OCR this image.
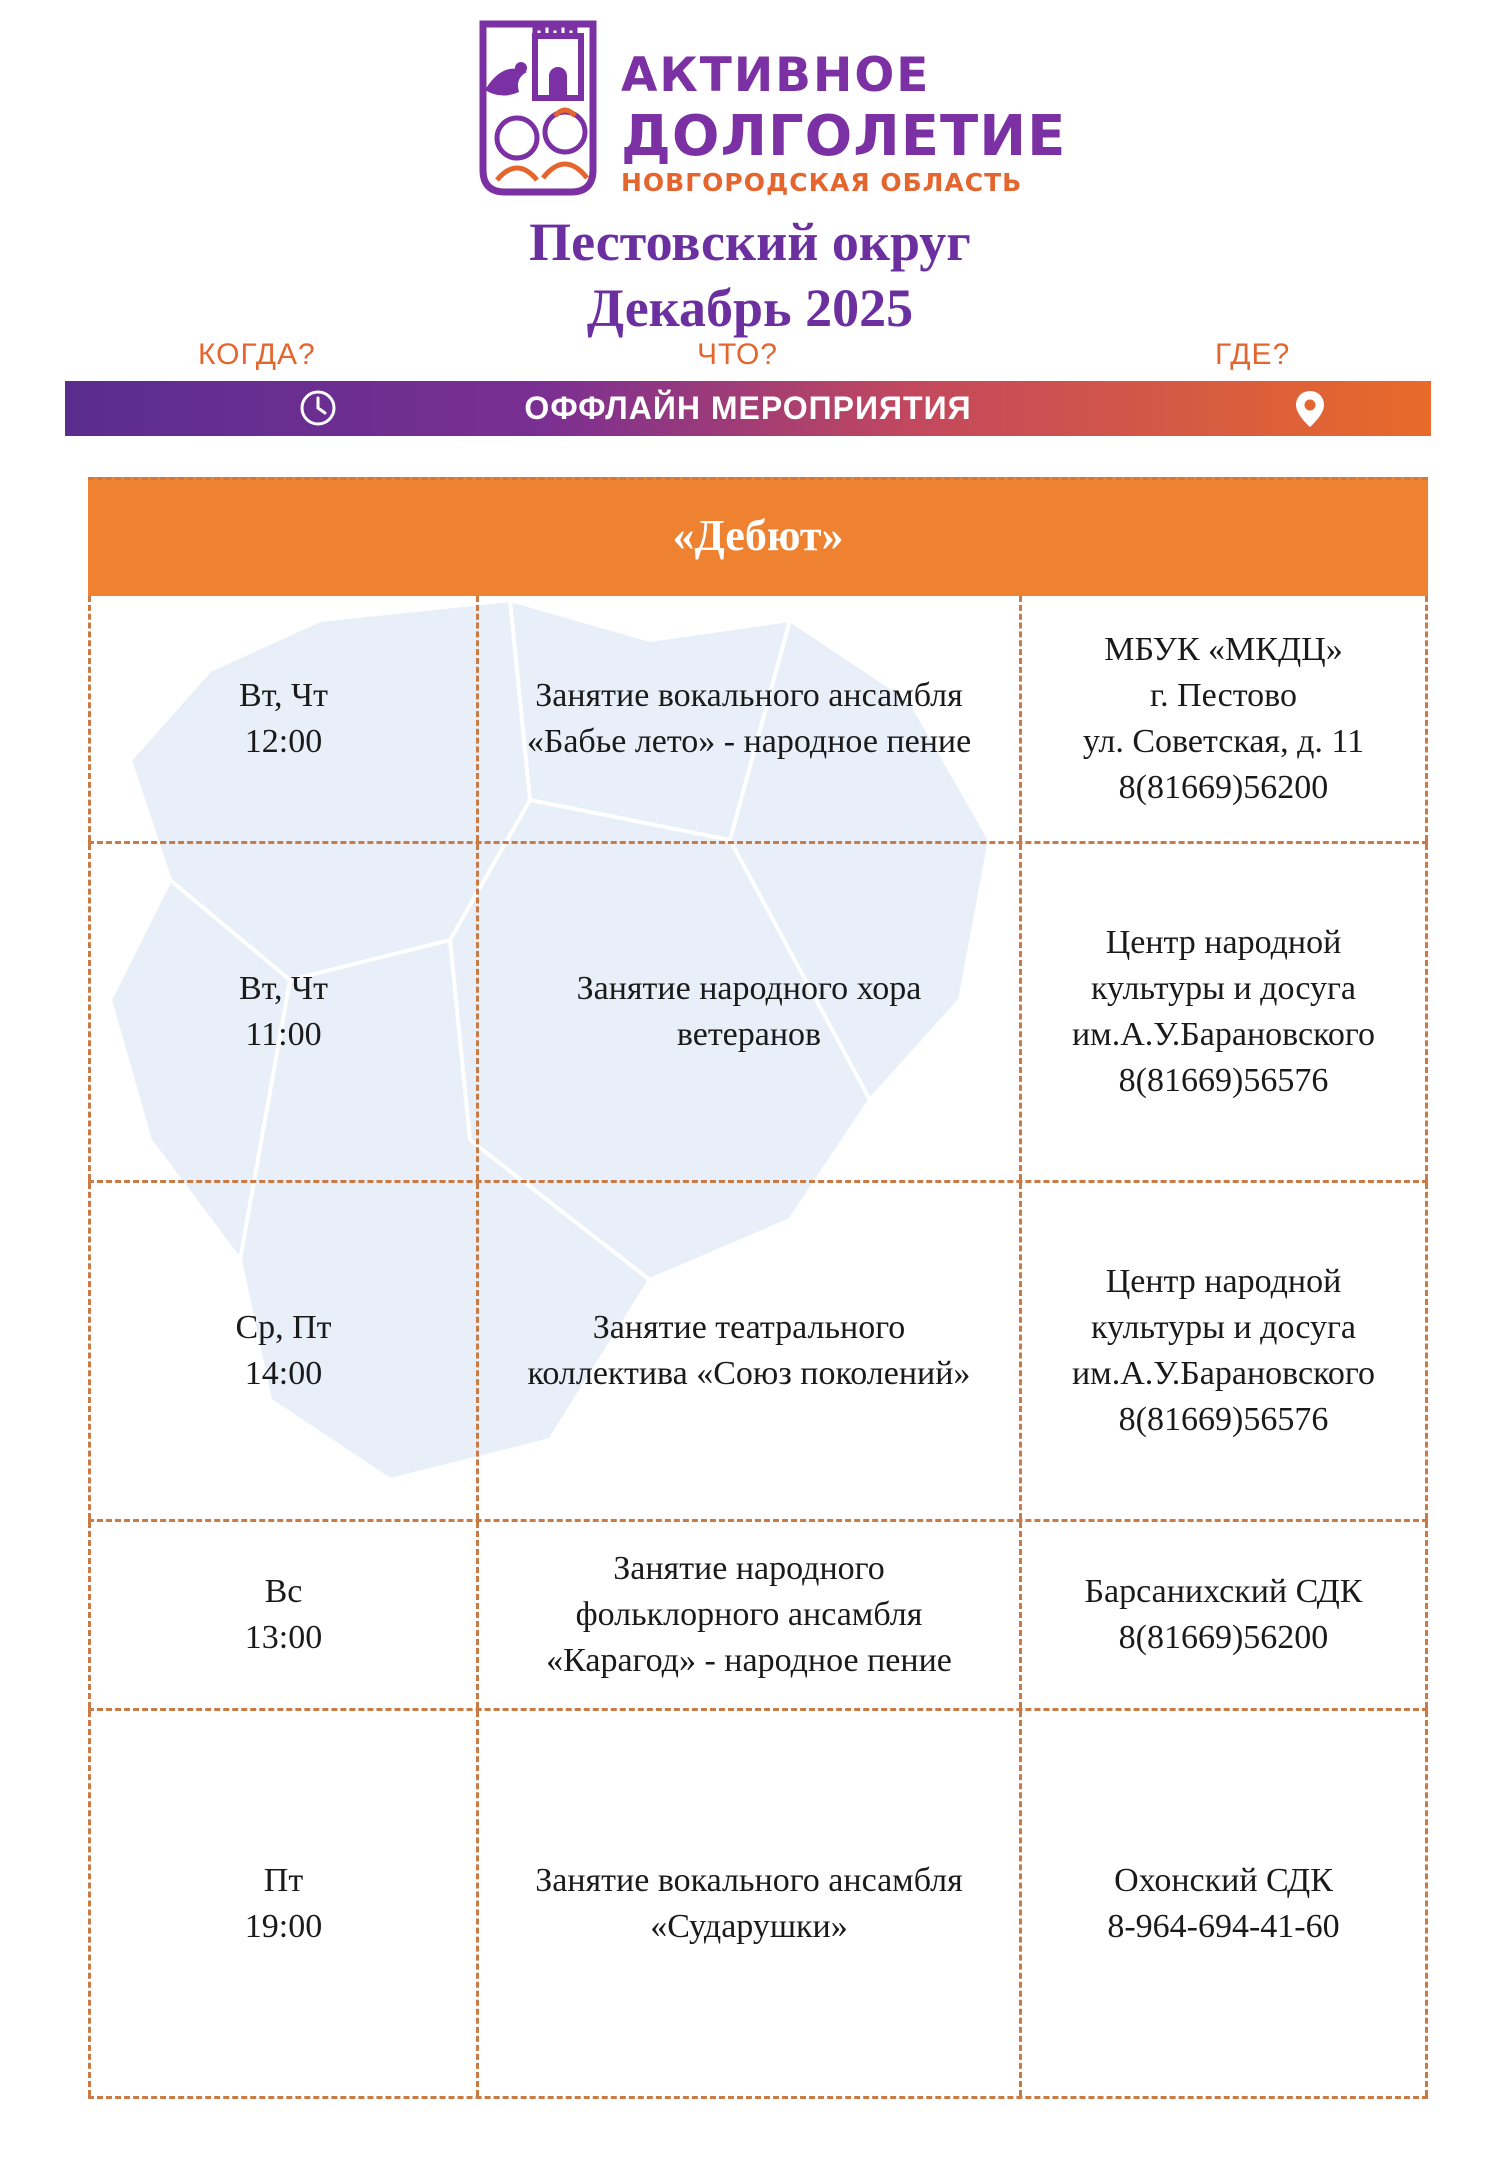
АКТИВНОЕ
ДОЛГОЛЕТИЕ
НОВГОРОДСКАЯ ОБЛАСТЬ
Пестовский округ
Декабрь 2025
КОГДА?	ЧТО?	ГДЕ?
ОФФЛАЙН МЕРОПРИЯТИЯ
«Дебют»
Вт, Чт
12:00
Занятие вокального ансамбля
«Бабье лето» - народное пение
МБУК «МКДЦ»
г. Пестово
ул. Советская, д. 11
8(81669)56200
Вт, Чт
11:00
Занятие народного хора
ветеранов
Центр народной
культуры и досуга
им.А.У.Барановского
8(81669)56576
Ср, Пт
14:00
Занятие театрального
коллектива «Союз поколений»
Центр народной
культуры и досуга
им.А.У.Барановского
8(81669)56576
Вс
13:00
Занятие народного
фольклорного ансамбля
«Карагод» - народное пение
Барсанихский СДК
8(81669)56200
Пт
19:00
Занятие вокального ансамбля
«Сударушки»
Охонский СДК
8-964-694-41-60
